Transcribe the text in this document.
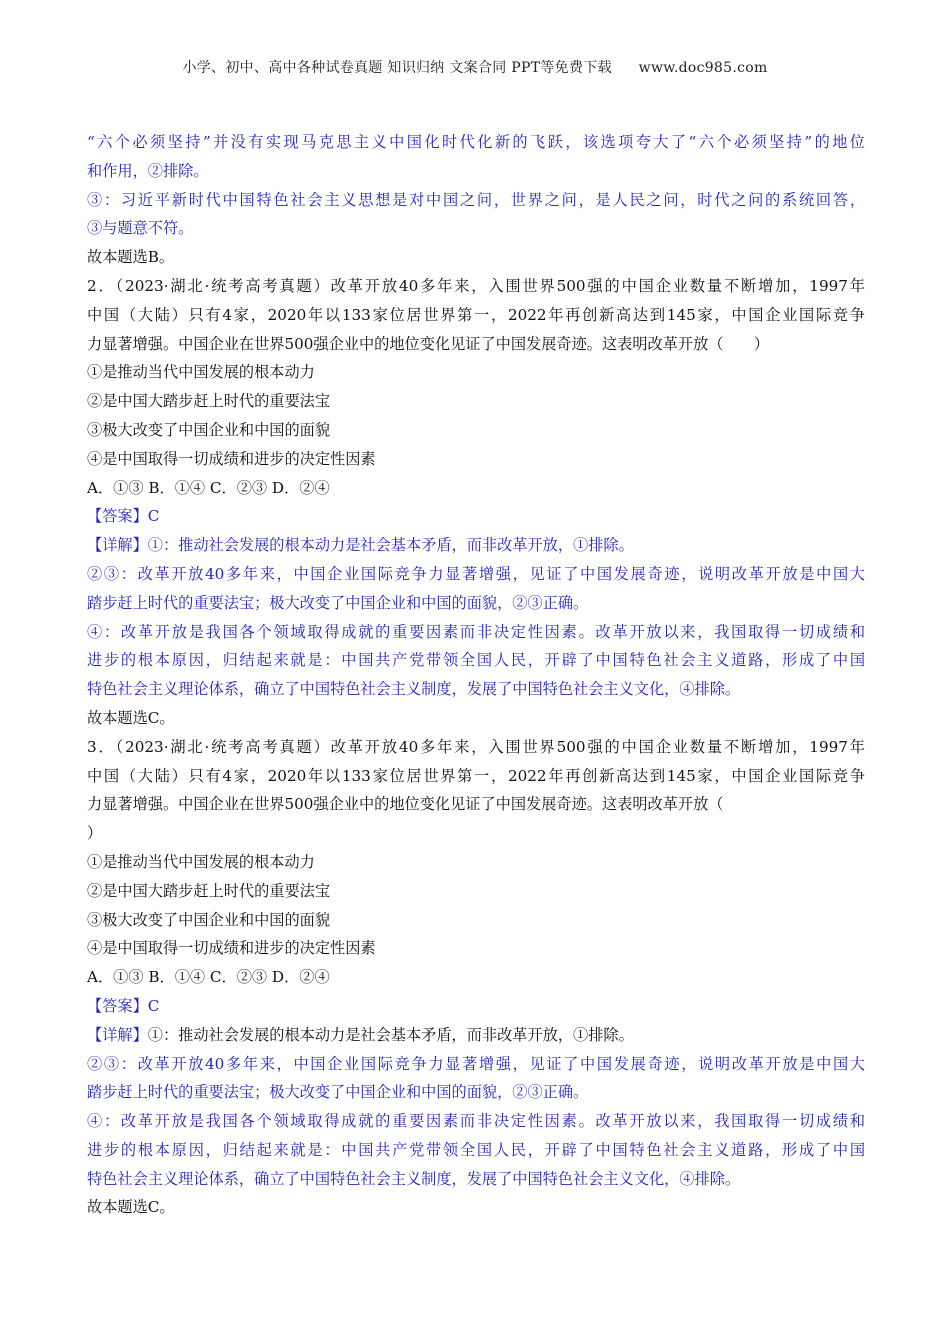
小学、初中、高中各种试卷真题 知识归纳 文案合同 PPT等免费下载 www.doc985.com
“六个必须坚持”并没有实现马克思主义中国化时代化新的飞跃，该选项夸大了“六个必须坚持”的地位
和作用，②排除。
③：习近平新时代中国特色社会主义思想是对中国之问，世界之问，是人民之问，时代之问的系统回答，
③与题意不符。
故本题选B。
2．（2023·湖北·统考高考真题）改革开放40多年来，入围世界500强的中国企业数量不断增加，1997年
中国（大陆）只有4家，2020年以133家位居世界第一，2022年再创新高达到145家，中国企业国际竞争
力显著增强。中国企业在世界500强企业中的地位变化见证了中国发展奇迹。这表明改革开放（　　）
①是推动当代中国发展的根本动力
②是中国大踏步赶上时代的重要法宝
③极大改变了中国企业和中国的面貌
④是中国取得一切成绩和进步的决定性因素
A．①③ B．①④ C．②③ D．②④
【答案】C
【详解】①：推动社会发展的根本动力是社会基本矛盾，而非改革开放，①排除。
②③：改革开放40多年来，中国企业国际竞争力显著增强，见证了中国发展奇迹，说明改革开放是中国大
踏步赶上时代的重要法宝；极大改变了中国企业和中国的面貌，②③正确。
④：改革开放是我国各个领域取得成就的重要因素而非决定性因素。改革开放以来，我国取得一切成绩和
进步的根本原因，归结起来就是：中国共产党带领全国人民，开辟了中国特色社会主义道路，形成了中国
特色社会主义理论体系，确立了中国特色社会主义制度，发展了中国特色社会主义文化，④排除。
故本题选C。
3．（2023·湖北·统考高考真题）改革开放40多年来，入围世界500强的中国企业数量不断增加，1997年
中国（大陆）只有4家，2020年以133家位居世界第一，2022年再创新高达到145家，中国企业国际竞争
力显著增强。中国企业在世界500强企业中的地位变化见证了中国发展奇迹。这表明改革开放（
）
①是推动当代中国发展的根本动力
②是中国大踏步赶上时代的重要法宝
③极大改变了中国企业和中国的面貌
④是中国取得一切成绩和进步的决定性因素
A．①③ B．①④ C．②③ D．②④
【答案】C
【详解】①：推动社会发展的根本动力是社会基本矛盾，而非改革开放，①排除。
②③：改革开放40多年来，中国企业国际竞争力显著增强，见证了中国发展奇迹，说明改革开放是中国大
踏步赶上时代的重要法宝；极大改变了中国企业和中国的面貌，②③正确。
④：改革开放是我国各个领域取得成就的重要因素而非决定性因素。改革开放以来，我国取得一切成绩和
进步的根本原因，归结起来就是：中国共产党带领全国人民，开辟了中国特色社会主义道路，形成了中国
特色社会主义理论体系，确立了中国特色社会主义制度，发展了中国特色社会主义文化，④排除。
故本题选C。
